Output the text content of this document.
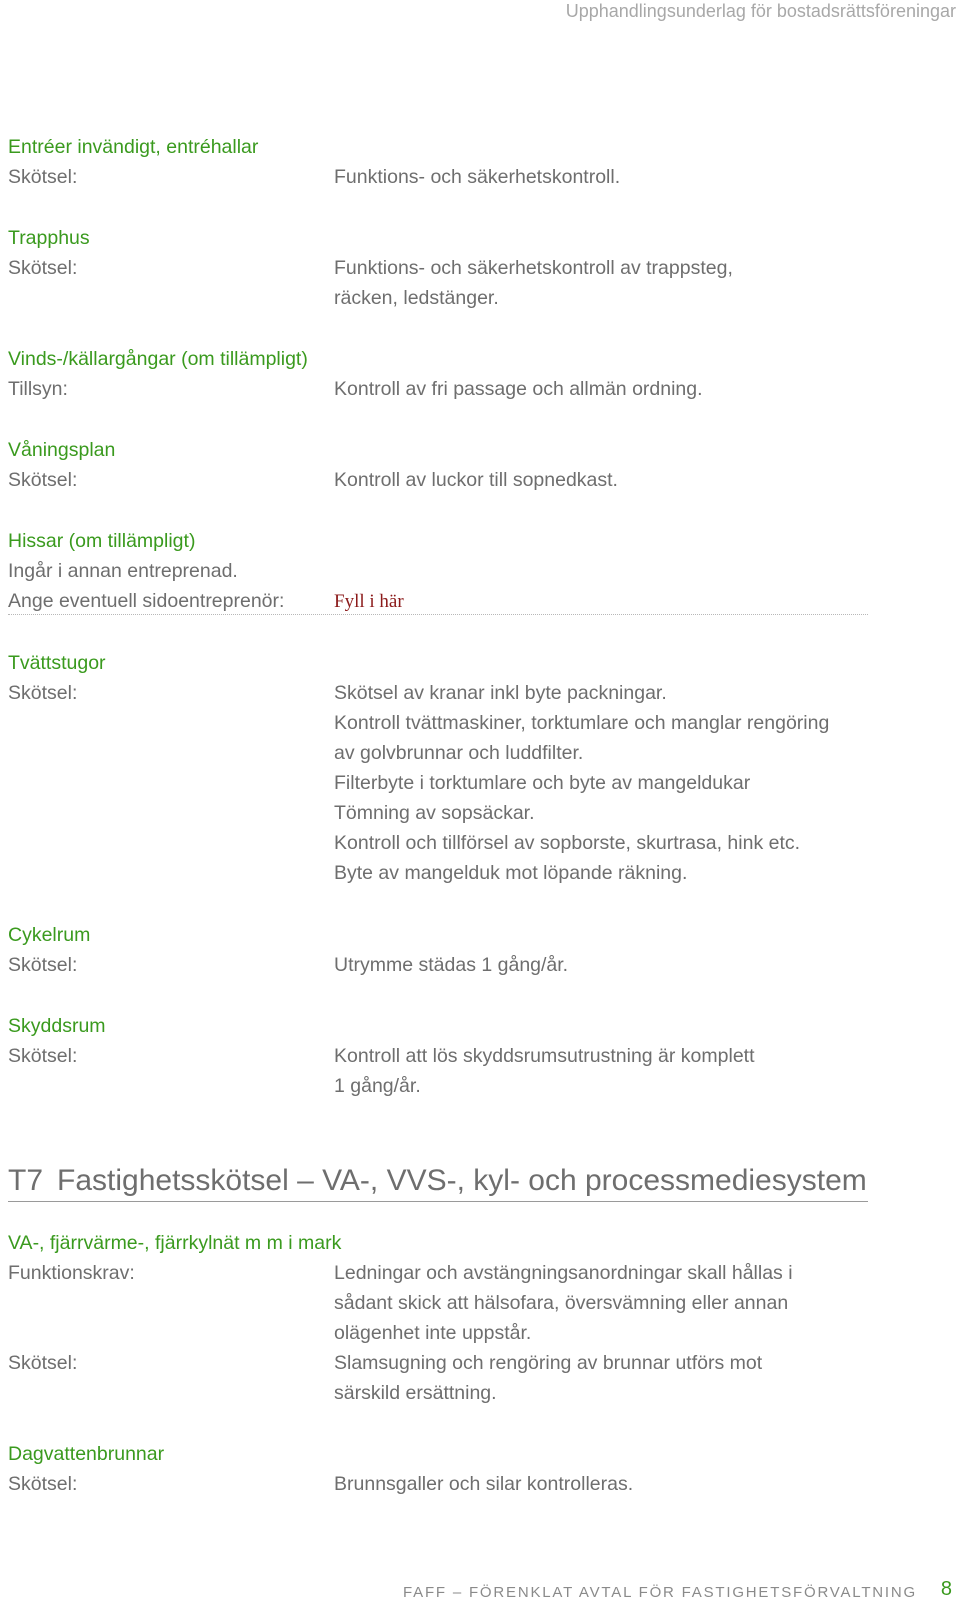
Upphandlingsunderlag för bostadsrättsföreningar
Entréer invändigt, entréhallar
Skötsel:	Funktions- och säkerhetskontroll.
Trapphus
Skötsel:	Funktions- och säkerhetskontroll av trappsteg,
räcken, ledstänger.
Vinds-/källargångar (om tillämpligt)
Tillsyn:	Kontroll av fri passage och allmän ordning.
Våningsplan
Skötsel:	Kontroll av luckor till sopnedkast.
Hissar (om tillämpligt)
Ingår i annan entreprenad.
Ange eventuell sidoentreprenör:	Fyll i här
Tvättstugor
Skötsel:	Skötsel av kranar inkl byte packningar.
Kontroll tvättmaskiner, torktumlare och manglar rengöring
av golvbrunnar och luddfilter.
Filterbyte i torktumlare och byte av mangeldukar
Tömning av sopsäckar.
Kontroll och tillförsel av sopborste, skurtrasa, hink etc.
Byte av mangelduk mot löpande räkning.
Cykelrum
Skötsel:	Utrymme städas 1 gång/år.
Skyddsrum
Skötsel:	Kontroll att lös skyddsrumsutrustning är komplett
1 gång/år.
T7 Fastighetsskötsel – VA-, VVS-, kyl- och processmediesystem
VA-, fjärrvärme-, fjärrkylnät m m i mark
Funktionskrav:	Ledningar och avstängningsanordningar skall hållas i
sådant skick att hälsofara, översvämning eller annan
olägenhet inte uppstår.
Skötsel:	Slamsugning och rengöring av brunnar utförs mot
särskild ersättning.
Dagvattenbrunnar
Skötsel:	Brunnsgaller och silar kontrolleras.
FAFF – FÖRENKLAT AVTAL FÖR FASTIGHETSFÖRVALTNING 8
